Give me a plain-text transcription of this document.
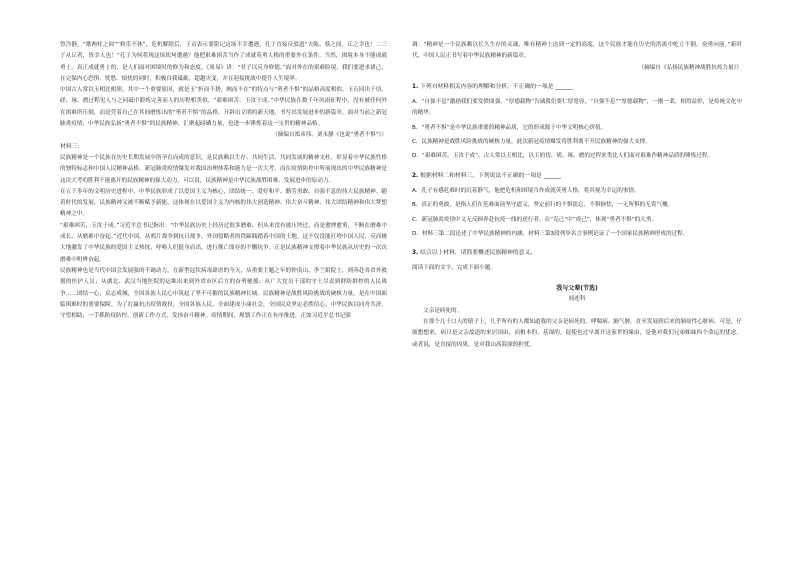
曾冷静，“歌两柱之间”“修乐不休”，危机解除后，子贡表示要铭记这场不幸遭遇，孔子直接反驳道“夫陈、蔡之间，丘之幸也！二三子从丘者，皆幸人也！”孔子为何将现这场坎坷遭遇？他把艰难困苦当作了成就英勇人格的重要外在条件。当然，困境本身不能成就勇士，真正成就勇士的，是人们面对困境时的修为和态度。《周易》讲：“君子以反身修德。”面对外在的艰难险境，我们要进求诸己，在完保内心恐惧、忧愁、烦扰的同时，积极自我砥砺，超越灾变，并在迎接挑战中提升人生境界。

中国古人常以玉相比相照。其中一个重要原因，就是玉“折而不挠，阙而不在”的特点与“勇者不惧”的品格高度相似。玉石同出于切、磋、琢、磨过程见人与之同砥中锻炼完善而人的历程相类似。“艰难困苦，玉汝于成。”中华民族在数千年风雨征程中，没有被任何外在困难所压倒，而是凭着自己在其间磨炼出的“勇者不惧”的品格，开辟出文明的新天地，书写出发展进步的新篇章。面对当前之新冠肺炎疫情，中华民族弘扬“勇者不惧”的民族精神，汇聚起磅礴力量，也进一步锤炼着这一宝贵的精神品格。

（摘编自郑彦伟、刘永静《也说“勇者不惧”》）

材料三：

民族精神是一个民族在历史长期发展中所孕育而成的意识，是民族赖以生存、共同生活、共同发展的精神支柱，彰显着中华民族性格的独特标志和中国人民精神品格。新冠肺炎疫情爆发对我国治理体系和能力是一次大考，而在疫情防控中所展现出的中华民族精神是这次大考的胜利不能离开的民族精神的强大动力，可以说，民族精神是中华民族战胜困难、发展进步的原动力。

在五千多年的文明历史进程中，中华民族形成了以爱国主义为核心，团结统一、爱好和平、勤劳勇敢、自强不息的伟大民族精神。随着时代的发展，民族精神又被不断赋予新能，这体现在以爱国主义为内核的伟大创造精神、伟大奋斗精神、伟大团结精神和伟大梦想精神之中。

“艰难困苦，玉汝于成。”习近平总书记指出：“中华民族历史上经历过很多磨难，但从来没有被压垮过，而是愈挫愈勇，不断在磨难中成长、从磨难中奋起。”近代中国，从鸦片战争到抗日战争，外国侵略者的铁蹄践踏着中国的土地。这不仅没能打垮中国人民，反而极大地激发了中华民族的爱国主义热忱，呼唤人们挺身而出，进行挽亡图存的不懈抗争。正是民族精神支撑着中华民族从历史的一次次磨难中明辨奋起。

民族精神也是当代中国会发展强的不竭动力。在新型冠状病毒肆虐的今天，从重要主题之年的钟南山、李兰娟院士，到奔赴各省外救援的医护人员；从湖北、武汉当地医院的运维出来到外省市区后方的奋勇驰援；从广大党员干部的守土尽责到群防群控的人民战争……团结一心，众志成城，全国各族人民心中筑起了坚不可摧的民族精神长城。民族精神是战胜风险挑战的硬核力量，是在中国面临困难时的重要保障。为了打赢抗击疫情战役，全国各族人民，全面建成小康社会，全国民众坚定必胜信心，中华民族以同舟共济，守望相助，一手抓防疫防控，创新工作方式，发扬奋斗精神。疫情期间，规划工作正在有序推进，正如习近平总书记强

调：“精神是一个民族赖以长久生存的灵魂，唯有精神上达到一定的高度，这个民族才能在历史的洪流中屹立不倒、奋勇向前。”新时代，中国人民正书写着中华民族精神的新篇章。

（摘编自《弘扬民族精神战胜抗疫力量》）

1. 下列对材料相关内容的理解和分析，不正确的一项是 ______

A．“自强不息”激励我们要发愤图强，“厚德载物”告诫我们要仁厚宽容，“自强不息”“厚德载物”，一刚一柔，相得益彰，是传统文化中的精华。

B．“勇者不惧”是中华民族重要的精神品质，它的形成源于中华文明核心价值。

C．民族精神是战胜风险挑战的硬核力量，此次新冠疫情爆发将胜利离不开民族精神的强大支撑。

D．“艰难困苦，玉汝于成”，古人常以玉相比，以玉的切、磋、琢、磨的过程来类比人们面对艰难作精神品质的锤炼过程。

2. 根据材料二和材料三，下列说法不正确的一项是 ______

A．孔子有感危难时的沉着静气，他把危机和困境当作成就英勇人格，将其视为幸运的事情。

B．真正的勇敢，是指人们在危难面前坚守道义，坚定前行的不惧淡忘、不惧恼怯，一无所惧的无畏气概。

C．新冠肺炎疫情中义无反顾奔赴抗疫一线的逆行者，在“克己”中“成己”，体现“勇者不惧”的大勇。

D．材料三第二段论述了中华民族精神的内涵，材料三第3段列举名言事例论证了一个国家民族精神形成的过程。

3. 结合以上材料，请简要概述民族精神的意义。

阅读下面的文字，完成下面小题。

我与父辈(节选)

阎连科

父亲是病死的。

在那个几千口人的镇子上，几乎所有的人都知道我的父亲是病死的。哮喘病、肺气肿，直至发展到后来的肺原性心脏病。可是，仔细想想来，病只是父亲故道的来居国由，而根本的、基深的，促使也过早离开这家世的缘由，是他对我们兄弟姊妹四个命运的忧虑。或者说，是直接的因果，是对我山高海深的担忧。
